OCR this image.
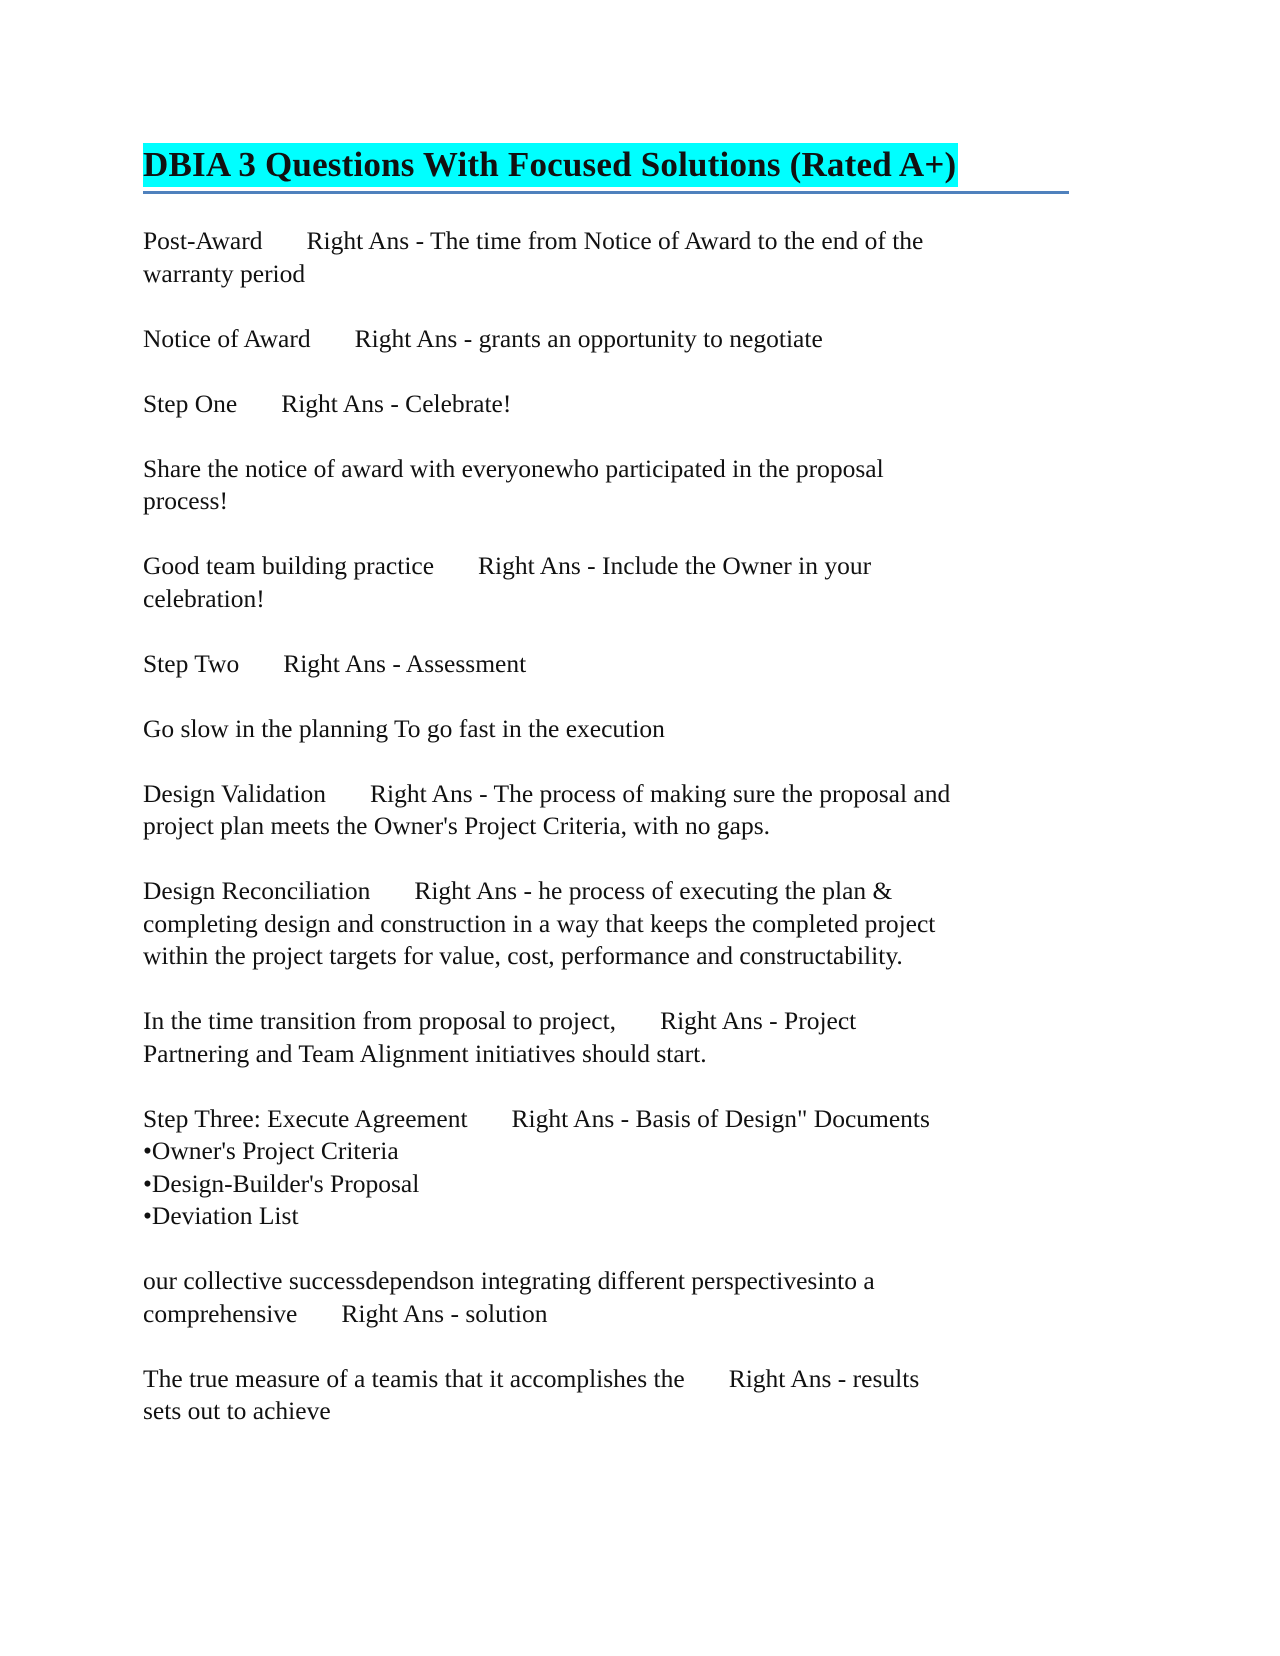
DBIA 3 Questions With Focused Solutions (Rated A+)

Post-Award Right Ans - The time from Notice of Award to the end of the
warranty period

Notice of Award Right Ans - grants an opportunity to negotiate

Step One Right Ans - Celebrate!

Share the notice of award with everyonewho participated in the proposal
process!

Good team building practice Right Ans - Include the Owner in your
celebration!

Step Two Right Ans - Assessment

Go slow in the planning To go fast in the execution

Design Validation Right Ans - The process of making sure the proposal and
project plan meets the Owner's Project Criteria, with no gaps.

Design Reconciliation Right Ans - he process of executing the plan &
completing design and construction in a way that keeps the completed project
within the project targets for value, cost, performance and constructability.

In the time transition from proposal to project, Right Ans - Project
Partnering and Team Alignment initiatives should start.

Step Three: Execute Agreement Right Ans - Basis of Design" Documents
•Owner's Project Criteria
•Design-Builder's Proposal
•Deviation List

our collective successdependson integrating different perspectivesinto a
comprehensive Right Ans - solution

The true measure of a teamis that it accomplishes the Right Ans - results
sets out to achieve
